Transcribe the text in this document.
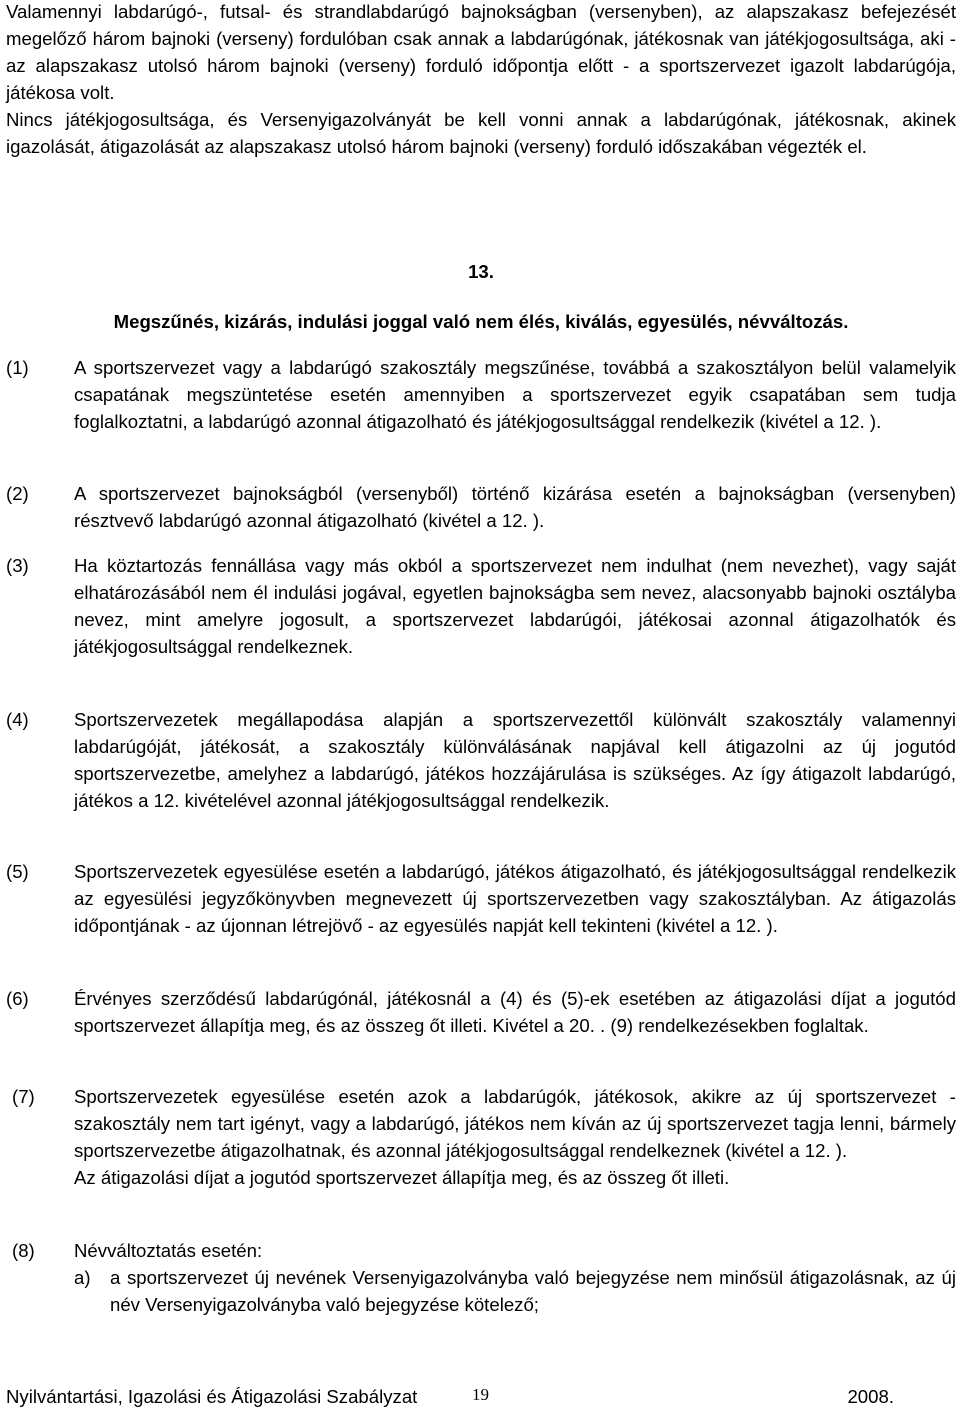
Valamennyi labdarúgó-, futsal- és strandlabdarúgó bajnokságban (versenyben), az alapszakasz befejezését megelőző három bajnoki (verseny) fordulóban csak annak a labdarúgónak, játékosnak van játékjogosultsága, aki - az alapszakasz utolsó három bajnoki (verseny) forduló időpontja előtt - a sportszervezet igazolt labdarúgója, játékosa volt.

Nincs játékjogosultsága, és Versenyigazolványát be kell vonni annak a labdarúgónak, játékosnak, akinek igazolását, átigazolását az alapszakasz utolsó három bajnoki (verseny) forduló időszakában végezték el.

13.
Megszűnés, kizárás, indulási joggal való nem élés, kiválás, egyesülés, névváltozás.
(1) A sportszervezet vagy a labdarúgó szakosztály megszűnése, továbbá a szakosztályon belül valamelyik csapatának megszüntetése esetén amennyiben a sportszervezet egyik csapatában sem tudja foglalkoztatni, a labdarúgó azonnal átigazolható és játékjogosultsággal rendelkezik (kivétel a 12. ).
(2) A sportszervezet bajnokságból (versenyből) történő kizárása esetén a bajnokságban (versenyben) résztvevő labdarúgó azonnal átigazolható (kivétel a 12. ).
(3) Ha köztartozás fennállása vagy más okból a sportszervezet nem indulhat (nem nevezhet), vagy saját elhatározásából nem él indulási jogával, egyetlen bajnokságba sem nevez, alacsonyabb bajnoki osztályba nevez, mint amelyre jogosult, a sportszervezet labdarúgói, játékosai azonnal átigazolhatók és játékjogosultsággal rendelkeznek.
(4) Sportszervezetek megállapodása alapján a sportszervezettől különvált szakosztály valamennyi labdarúgóját, játékosát, a szakosztály különválásának napjával kell átigazolni az új jogutód sportszervezetbe, amelyhez a labdarúgó, játékos hozzájárulása is szükséges. Az így átigazolt labdarúgó, játékos a 12. kivételével azonnal játékjogosultsággal rendelkezik.
(5) Sportszervezetek egyesülése esetén a labdarúgó, játékos átigazolható, és játékjogosultsággal rendelkezik az egyesülési jegyzőkönyvben megnevezett új sportszervezetben vagy szakosztályban. Az átigazolás időpontjának - az újonnan létrejövő - az egyesülés napját kell tekinteni (kivétel a 12. ).
(6) Érvényes szerződésű labdarúgónál, játékosnál a (4) és (5)-ek esetében az átigazolási díjat a jogutód sportszervezet állapítja meg, és az összeg őt illeti. Kivétel a 20. . (9) rendelkezésekben foglaltak.
(7) Sportszervezetek egyesülése esetén azok a labdarúgók, játékosok, akikre az új sportszervezet - szakosztály nem tart igényt, vagy a labdarúgó, játékos nem kíván az új sportszervezet tagja lenni, bármely sportszervezetbe átigazolhatnak, és azonnal játékjogosultsággal rendelkeznek (kivétel a 12. ).
Az átigazolási díjat a jogutód sportszervezet állapítja meg, és az összeg őt illeti.
(8) Névváltoztatás esetén:
a) a sportszervezet új nevének Versenyigazolványba való bejegyzése nem minősül átigazolásnak, az új név Versenyigazolványba való bejegyzése kötelező;
Nyilvántartási, Igazolási és Átigazolási Szabályzat	19	2008.
